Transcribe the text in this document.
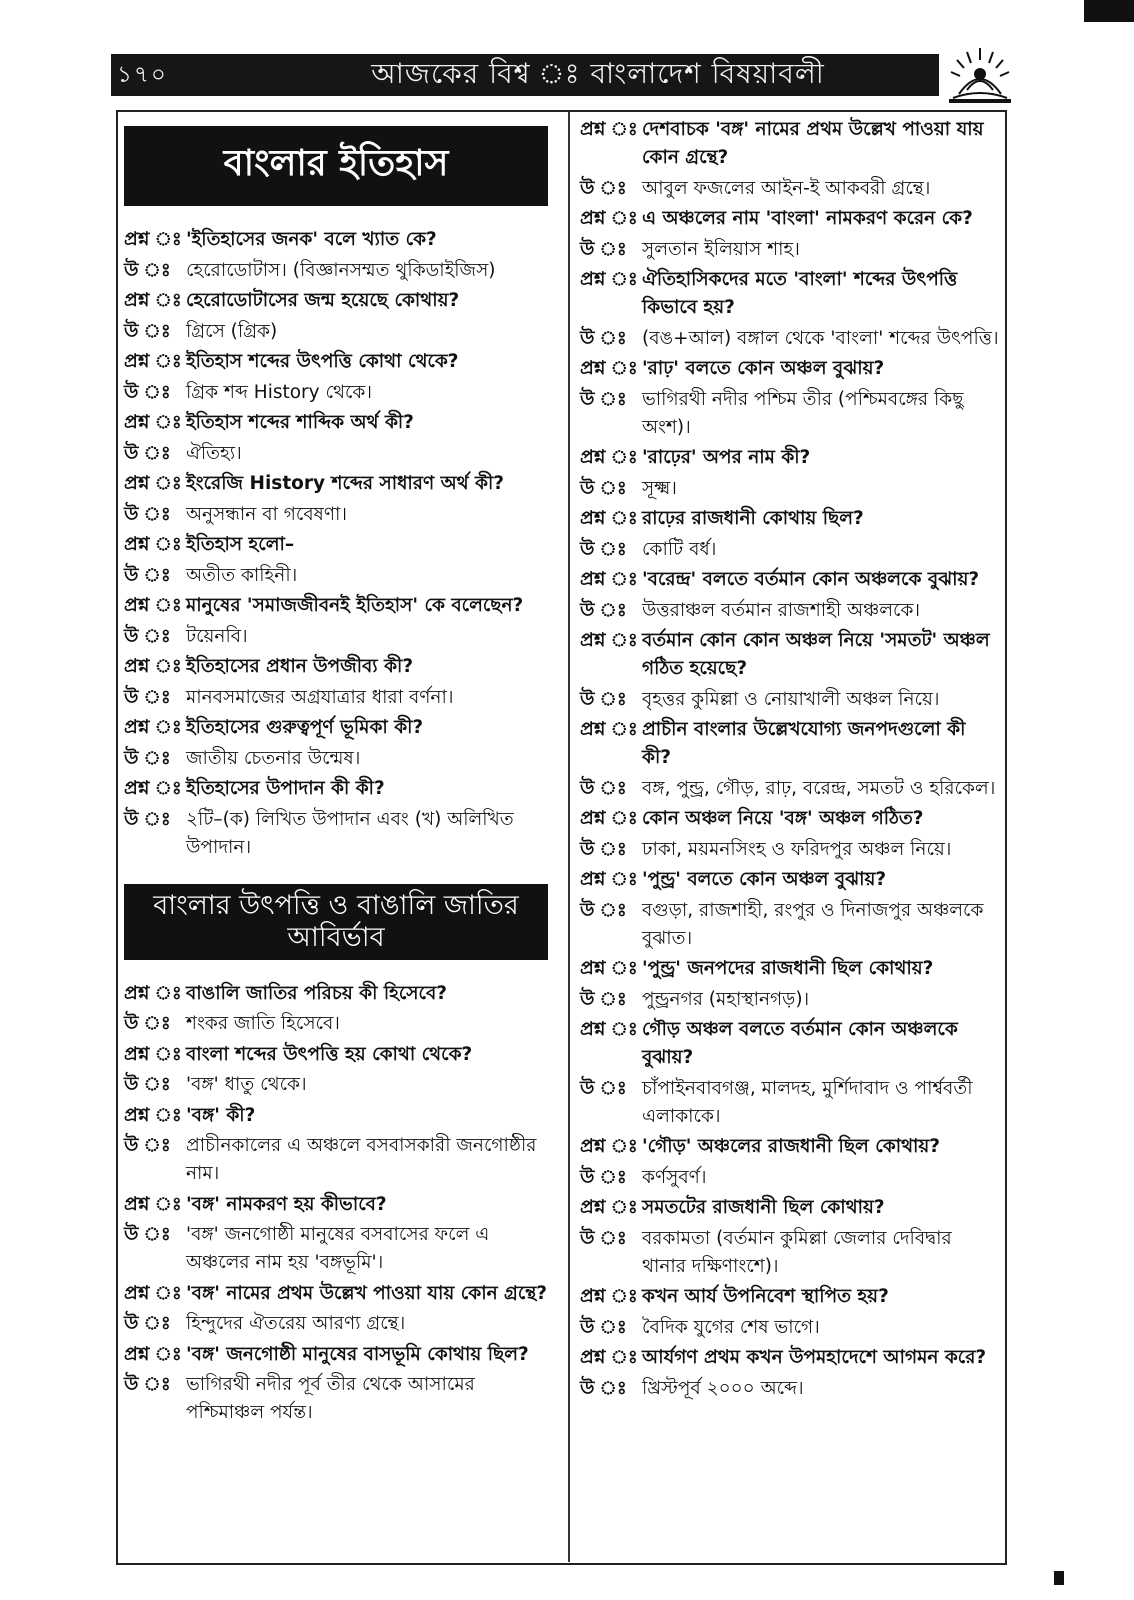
১৭০	আজকের বিশ্ব ঃ বাংলাদেশ বিষয়াবলী
বাংলার ইতিহাস
প্রশ্ন ঃ 'ইতিহাসের জনক' বলে খ্যাত কে?
উ ঃ হেরোডোটাস। (বিজ্ঞানসম্মত থুকিডাইজিস)
প্রশ্ন ঃ হেরোডোটাসের জন্ম হয়েছে কোথায়?
উ ঃ গ্রিসে (গ্রিক)
প্রশ্ন ঃ ইতিহাস শব্দের উৎপত্তি কোথা থেকে?
উ ঃ গ্রিক শব্দ History থেকে।
প্রশ্ন ঃ ইতিহাস শব্দের শাব্দিক অর্থ কী?
উ ঃ ঐতিহ্য।
প্রশ্ন ঃ ইংরেজি History শব্দের সাধারণ অর্থ কী?
উ ঃ অনুসন্ধান বা গবেষণা।
প্রশ্ন ঃ ইতিহাস হলো–
উ ঃ অতীত কাহিনী।
প্রশ্ন ঃ মানুষের 'সমাজজীবনই ইতিহাস' কে বলেছেন?
উ ঃ টয়েনবি।
প্রশ্ন ঃ ইতিহাসের প্রধান উপজীব্য কী?
উ ঃ মানবসমাজের অগ্রযাত্রার ধারা বর্ণনা।
প্রশ্ন ঃ ইতিহাসের গুরুত্বপূর্ণ ভূমিকা কী?
উ ঃ জাতীয় চেতনার উন্মেষ।
প্রশ্ন ঃ ইতিহাসের উপাদান কী কী?
উ ঃ ২টি–(ক) লিখিত উপাদান এবং (খ) অলিখিত উপাদান।
বাংলার উৎপত্তি ও বাঙালি জাতির আবির্ভাব
প্রশ্ন ঃ বাঙালি জাতির পরিচয় কী হিসেবে?
উ ঃ শংকর জাতি হিসেবে।
প্রশ্ন ঃ বাংলা শব্দের উৎপত্তি হয় কোথা থেকে?
উ ঃ 'বঙ্গ' ধাতু থেকে।
প্রশ্ন ঃ 'বঙ্গ' কী?
উ ঃ প্রাচীনকালের এ অঞ্চলে বসবাসকারী জনগোষ্ঠীর নাম।
প্রশ্ন ঃ 'বঙ্গ' নামকরণ হয় কীভাবে?
উ ঃ 'বঙ্গ' জনগোষ্ঠী মানুষের বসবাসের ফলে এ অঞ্চলের নাম হয় 'বঙ্গভূমি'।
প্রশ্ন ঃ 'বঙ্গ' নামের প্রথম উল্লেখ পাওয়া যায় কোন গ্রন্থে?
উ ঃ হিন্দুদের ঐতরেয় আরণ্য গ্রন্থে।
প্রশ্ন ঃ 'বঙ্গ' জনগোষ্ঠী মানুষের বাসভূমি কোথায় ছিল?
উ ঃ ভাগিরথী নদীর পূর্ব তীর থেকে আসামের পশ্চিমাঞ্চল পর্যন্ত।
প্রশ্ন ঃ দেশবাচক 'বঙ্গ' নামের প্রথম উল্লেখ পাওয়া যায় কোন গ্রন্থে?
উ ঃ আবুল ফজলের আইন-ই আকবরী গ্রন্থে।
প্রশ্ন ঃ এ অঞ্চলের নাম 'বাংলা' নামকরণ করেন কে?
উ ঃ সুলতান ইলিয়াস শাহ।
প্রশ্ন ঃ ঐতিহাসিকদের মতে 'বাংলা' শব্দের উৎপত্তি কিভাবে হয়?
উ ঃ (বঙ+আল) বঙ্গাল থেকে 'বাংলা' শব্দের উৎপত্তি।
প্রশ্ন ঃ 'রাঢ়' বলতে কোন অঞ্চল বুঝায়?
উ ঃ ভাগিরথী নদীর পশ্চিম তীর (পশ্চিমবঙ্গের কিছু অংশ)।
প্রশ্ন ঃ 'রাঢ়ের' অপর নাম কী?
উ ঃ সূক্ষ্ম।
প্রশ্ন ঃ রাঢ়ের রাজধানী কোথায় ছিল?
উ ঃ কোটি বর্ধ।
প্রশ্ন ঃ 'বরেন্দ্র' বলতে বর্তমান কোন অঞ্চলকে বুঝায়?
উ ঃ উত্তরাঞ্চল বর্তমান রাজশাহী অঞ্চলকে।
প্রশ্ন ঃ বর্তমান কোন কোন অঞ্চল নিয়ে 'সমতট' অঞ্চল গঠিত হয়েছে?
উ ঃ বৃহত্তর কুমিল্লা ও নোয়াখালী অঞ্চল নিয়ে।
প্রশ্ন ঃ প্রাচীন বাংলার উল্লেখযোগ্য জনপদগুলো কী কী?
উ ঃ বঙ্গ, পুন্ড্র, গৌড়, রাঢ়, বরেন্দ্র, সমতট ও হরিকেল।
প্রশ্ন ঃ কোন অঞ্চল নিয়ে 'বঙ্গ' অঞ্চল গঠিত?
উ ঃ ঢাকা, ময়মনসিংহ ও ফরিদপুর অঞ্চল নিয়ে।
প্রশ্ন ঃ 'পুন্ড্র' বলতে কোন অঞ্চল বুঝায়?
উ ঃ বগুড়া, রাজশাহী, রংপুর ও দিনাজপুর অঞ্চলকে বুঝাত।
প্রশ্ন ঃ 'পুন্ড্র' জনপদের রাজধানী ছিল কোথায়?
উ ঃ পুন্ড্রনগর (মহাস্থানগড়)।
প্রশ্ন ঃ গৌড় অঞ্চল বলতে বর্তমান কোন অঞ্চলকে বুঝায়?
উ ঃ চাঁপাইনবাবগঞ্জ, মালদহ, মুর্শিদাবাদ ও পার্শ্ববর্তী এলাকাকে।
প্রশ্ন ঃ 'গৌড়' অঞ্চলের রাজধানী ছিল কোথায়?
উ ঃ কর্ণসুবর্ণ।
প্রশ্ন ঃ সমতটের রাজধানী ছিল কোথায়?
উ ঃ বরকামতা (বর্তমান কুমিল্লা জেলার দেবিদ্বার থানার দক্ষিণাংশে)।
প্রশ্ন ঃ কখন আর্য উপনিবেশ স্থাপিত হয়?
উ ঃ বৈদিক যুগের শেষ ভাগে।
প্রশ্ন ঃ আর্যগণ প্রথম কখন উপমহাদেশে আগমন করে?
উ ঃ খ্রিস্টপূর্ব ২০০০ অব্দে।
